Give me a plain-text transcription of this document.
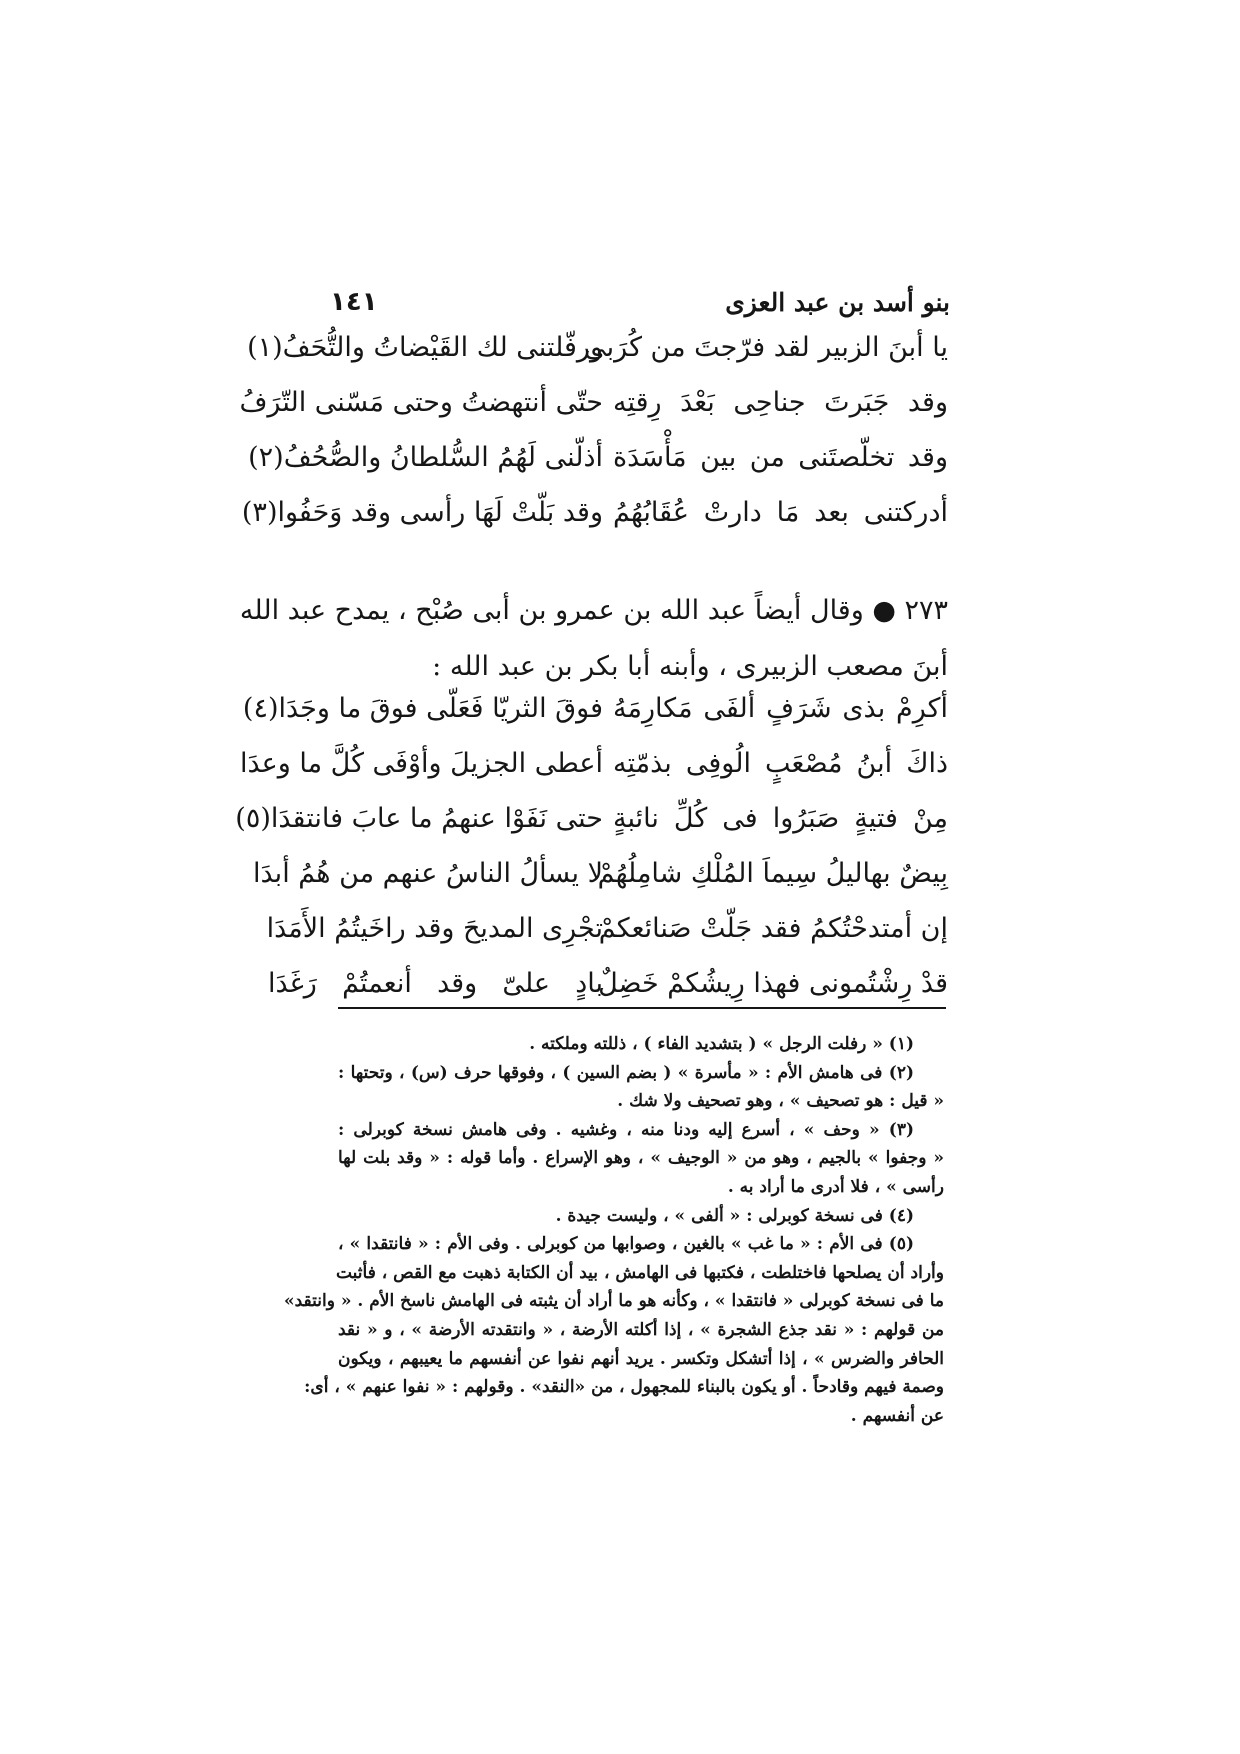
١٤١	بنو أسد بن عبد العزى
يا أبنَ الزبير لقد فرّجتَ من كُرَبى
ورفّلتنى لك القَيْضاتُ والتُّحَفُ(١)
وقد جَبَرتَ جناحِى بَعْدَ رِقتِه
حتّى أنتهضتُ وحتى مَسّنى التّرَفُ
وقد تخلّصتَنى من بين مَأْسَدَة
أذلّنى لَهُمُ السُّلطانُ والصُّحُفُ(٢)
أدركتنى بعد مَا دارتْ عُقَابُهُمُ
وقد بَلّتْ لَهَا رأسى وقد وَحَفُوا(٣)
٢٧٣ ● وقال أيضاً عبد الله بن عمرو بن أبى صُبْح ، يمدح عبد الله
أبنَ مصعب الزبيرى ، وأبنه أبا بكر بن عبد الله :
أكرِمْ بذى شَرَفٍ ألفَى مَكارِمَهُ
فوقَ الثريّا فَعَلّى فوقَ ما وجَدَا(٤)
ذاكَ أبنُ مُصْعَبٍ الُوفِى بذمّتِه
أعطى الجزيلَ وأوْفَى كُلَّ ما وعدَا
مِنْ فتيةٍ صَبَرُوا فى كُلِّ نائبةٍ
حتى نَفَوْا عنهمُ ما عابَ فانتقدَا(٥)
بِيضٌ بهاليلُ سِيماَ المُلْكِ شامِلُهُمْ
لا يسألُ الناسُ عنهم من هُمُ أبدَا
إن أمتدحْتُكمُ فقد جَلّتْ صَنائعكمْ
تجْرِى المديحَ وقد راخَيتُمُ الأَمَدَا
قدْ رِشْتُمونى فهذا رِيشُكمْ خَضِلٌ
بادٍ علىّ وقد أنعمتُمْ رَغَدَا
(١) « رفلت الرجل » ( بتشديد الفاء ) ، ذللته وملكته .
(٢) فى هامش الأم : « مأسرة » ( بضم السين ) ، وفوقها حرف (س) ، وتحتها :
« قيل : هو تصحيف » ، وهو تصحيف ولا شك .
(٣) « وحف » ، أسرع إليه ودنا منه ، وغشيه . وفى هامش نسخة كوبرلى :
« وجفوا » بالجيم ، وهو من « الوجيف » ، وهو الإسراع . وأما قوله : « وقد بلت لها
رأسى » ، فلا أدرى ما أراد به .
(٤) فى نسخة كوبرلى : « ألفى » ، وليست جيدة .
(٥) فى الأم : « ما غب » بالغين ، وصوابها من كوبرلى . وفى الأم : « فانتقدا » ،
وأراد أن يصلحها فاختلطت ، فكتبها فى الهامش ، بيد أن الكتابة ذهبت مع القص ، فأثبت
ما فى نسخة كوبرلى « فانتقدا » ، وكأنه هو ما أراد أن يثبته فى الهامش ناسخ الأم . « وانتقد»
من قولهم : « نقد جذع الشجرة » ، إذا أكلته الأرضة ، « وانتقدته الأرضة » ، و « نقد
الحافر والضرس » ، إذا أتشكل وتكسر . يريد أنهم نفوا عن أنفسهم ما يعيبهم ، ويكون
وصمة فيهم وقادحاً . أو يكون بالبناء للمجهول ، من «النقد» . وقولهم : « نفوا عنهم » ، أى:
عن أنفسهم .
